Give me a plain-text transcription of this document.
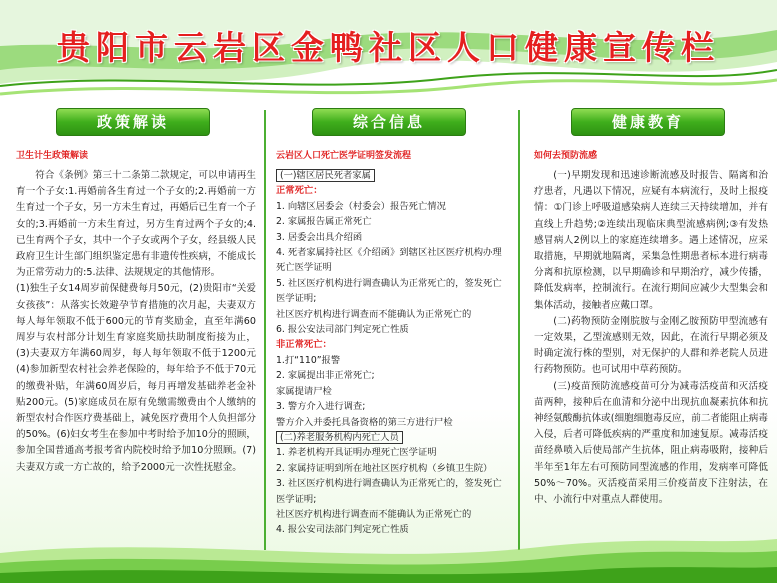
贵阳市云岩区金鸭社区人口健康宣传栏
政策解读
卫生计生政策解读

符合《条例》第三十二条第二款规定，可以申请再生育一个子女:1.再婚前各生育过一个子女的;2.再婚前一方生育过一个子女，另一方未生育过，再婚后已生育一个子女的;3.再婚前一方未生育过，另方生育过两个子女的;4.已生育两个子女，其中一个子女或两个子女，经县级人民政府卫生计生部门组织鉴定患有非遗传性疾病，不能成长为正常劳动力的:5.法律、法规规定的其他情形。

(1)独生子女14周岁前保健费每月50元，(2)贵阳市“关爱女孩孩”：从落实长效避孕节育措施的次月起，夫妻双方每人每年领取不低于600元的节育奖励金，直至年满60周岁与农村部分计划生育家庭奖励扶助制度衔接为止，(3)夫妻双方年满60周岁，每人每年领取不低于1200元(4)参加新型农村社会养老保险的，每年给予不低于70元的缴费补贴，年满60周岁后，每月再增发基础养老金补贴200元。(5)家庭成员在原有免缴需缴费由个人缴纳的新型农村合作医疗费基础上，减免医疗费用个人负担部分的50%。(6)妇女考生在参加中考时给予加10分的照顾，参加全国普通高考报考省内院校时给予加10分照顾。(7)夫妻双方或一方亡故的，给予2000元一次性抚慰金。

综合信息
云岩区人口死亡医学证明签发流程
(一)辖区居民死者家属
正常死亡：
1. 向辖区居委会（村委会）报告死亡情况
2. 家属报告属正常死亡
3. 居委会出具介绍函
4. 死者家属持社区《介绍函》到辖区社区医疗机构办理死亡医学证明
5. 社区医疗机构进行调查确认为正常死亡的，签发死亡医学证明;
社区医疗机构进行调查而不能确认为正常死亡的
6. 报公安法司部门判定死亡性质
非正常死亡：
1.打“110”报警
2. 家属提出非正常死亡;
家属提请尸检
3. 警方介入进行调查;
警方介入并委托具备资格的第三方进行尸检
(二)养老服务机构内死亡人员
1. 养老机构开具证明办理死亡医学证明
2. 家属持证明到所在地社区医疗机构（乡镇卫生院）
3. 社区医疗机构进行调查确认为正常死亡的，签发死亡医学证明;
社区医疗机构进行调查而不能确认为正常死亡的
4. 报公安司法部门判定死亡性质
健康教育
如何去预防流感

(一)早期发现和迅速诊断流感及时报告、隔离和治疗患者，凡遇以下情况，应疑有本病流行，及时上报疫情：①门诊上呼吸道感染病人连续三天持续增加，并有直线上升趋势;②连续出现临床典型流感病例;③有发热感冒病人2例以上的家庭连续增多。遇上述情况，应采取措施，早期就地隔离，采集急性期患者标本进行病毒分离和抗原检测，以早期确诊和早期治疗，减少传播，降低发病率，控制流行。在流行期间应减少大型集会和集体活动，接触者应戴口罩。

(二)药物预防金刚脘胺与金刚乙胺预防甲型流感有一定效果，乙型流感则无效，因此，在流行早期必须及时确定流行株的型别，对无保护的人群和养老院人员进行药物预防。也可试用中草药预防。

(三)疫苗预防流感疫苗可分为减毒活疫苗和灭活疫苗两种，接种后在血清和分泌中出现抗血凝素抗体和抗神经氨酸酶抗体或(细胞细胞毒反应，前二者能阻止病毒入侵，后者可降低疾病的严重度和加速复原。减毒活疫苗经鼻喷入后使局部产生抗体，阻止病毒吸附，接种后半年至1年左右可预防同型流感的作用，发病率可降低50%～70%。灭活疫苗采用三价疫苗皮下注射法，在中、小流行中对重点人群使用。
